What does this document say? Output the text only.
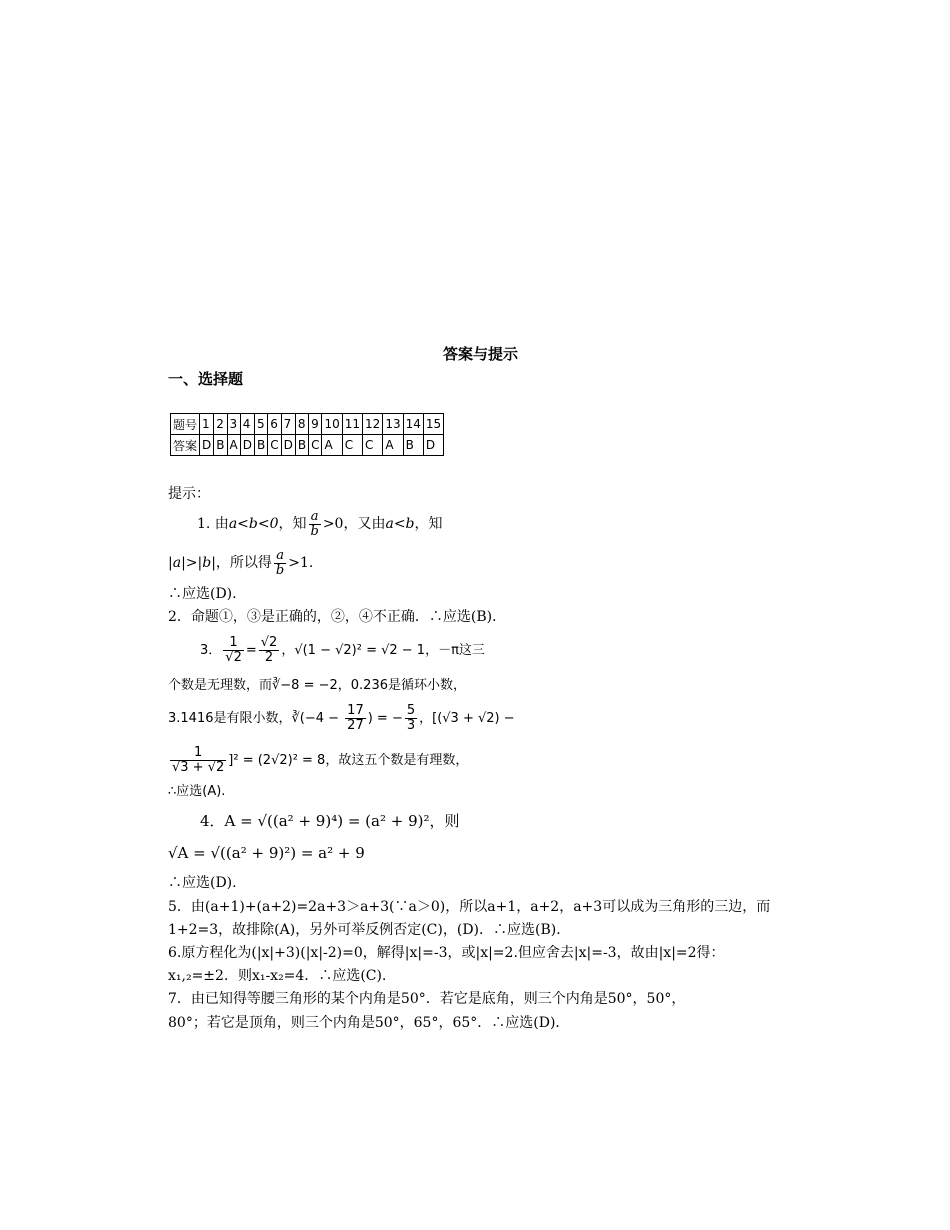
答案与提示
一、选择题
题号	1	2	3	4	5	6	7	8	9	10	11	12	13	14	15
答案	D	B	A	D	B	C	D	B	C	A	C	C	A	B	D
提示：
1. 由a<b<0，知 $\frac{a}{b} >0$，又由a<b，知
|a|>|b|，所以得 $\frac{a}{b} >1$.
∴应选(D).
2．命题①，③是正确的，②，④不正确．∴应选(B)．
3． $\frac{1}{√2} = \frac{√2}{2}$ ，√(1 − √2)² = √2 − 1，－π这三
个数是无理数，而∛−8 = −2，0.236是循环小数，
3.1416是有限小数，∛(−4 − $\frac{17}{27}$ ) = − $\frac{5}{3}$ ，[(√3 + √2) −
$\frac{1}{√3 + √2} ]^2 = (2√2)^2 = 8$，故这五个数是有理数，
∴应选(A).
4．A = √((a² + 9)⁴) = (a² + 9)²，则
√A = √((a² + 9)²) = a² + 9
∴应选(D).
5．由(a+1)+(a+2)=2a+3＞a+3(∵a＞0)，所以a+1，a+2，a+3可以成为三角形的三边，而
1+2=3，故排除(A)，另外可举反例否定(C)，(D)．∴应选(B)．
6.原方程化为(|x|+3)(|x|-2)=0，解得|x|=-3，或|x|=2.但应舍去|x|=-3，故由|x|=2得：
x₁,₂=±2．则x₁-x₂=4．∴应选(C)．
7．由已知得等腰三角形的某个内角是50°．若它是底角，则三个内角是50°，50°，
80°；若它是顶角，则三个内角是50°，65°，65°．∴应选(D)．
